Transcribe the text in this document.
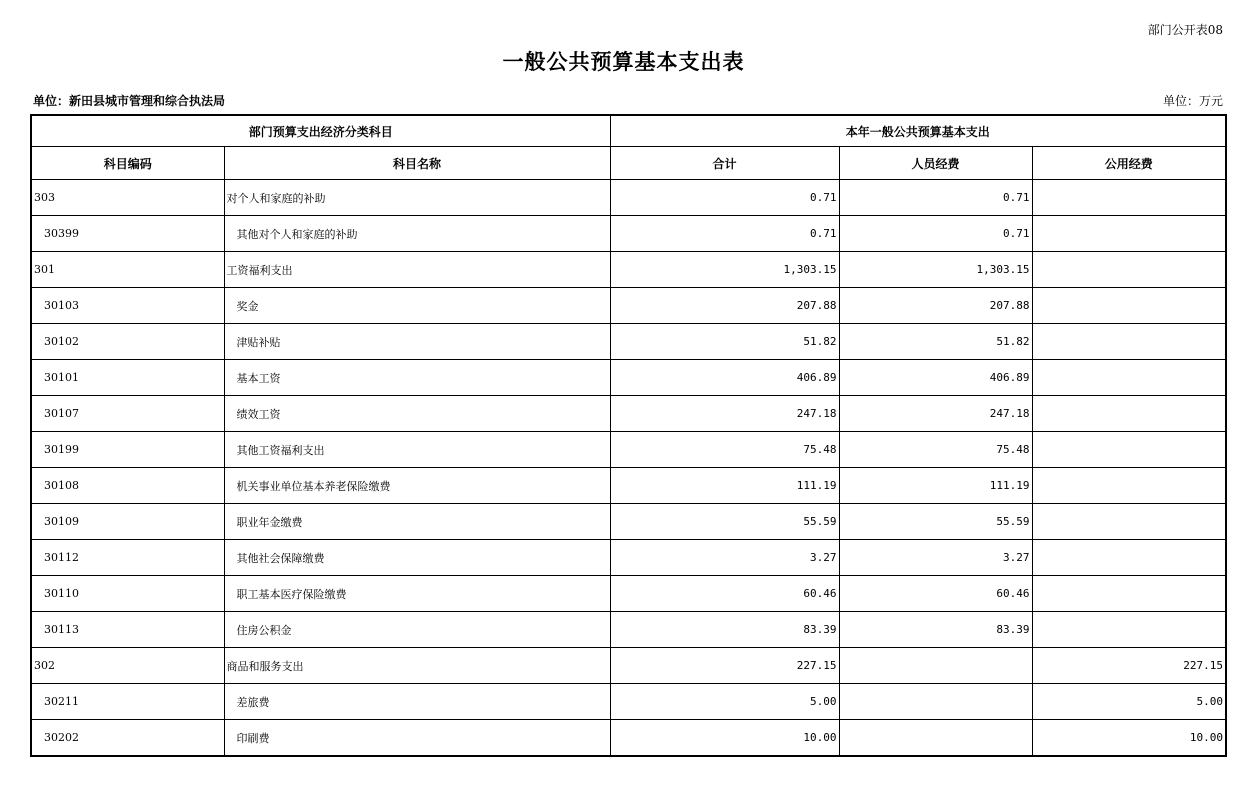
部门公开表08
一般公共预算基本支出表
单位：新田县城市管理和综合执法局	单位：万元
部门预算支出经济分类科目		本年一般公共预算基本支出		
科目编码	科目名称	合计	人员经费	公用经费
303	对个人和家庭的补助	0.71	0.71	
30399	其他对个人和家庭的补助	0.71	0.71	
301	工资福利支出	1,303.15	1,303.15	
30103	奖金	207.88	207.88	
30102	津贴补贴	51.82	51.82	
30101	基本工资	406.89	406.89	
30107	绩效工资	247.18	247.18	
30199	其他工资福利支出	75.48	75.48	
30108	机关事业单位基本养老保险缴费	111.19	111.19	
30109	职业年金缴费	55.59	55.59	
30112	其他社会保障缴费	3.27	3.27	
30110	职工基本医疗保险缴费	60.46	60.46	
30113	住房公积金	83.39	83.39	
302	商品和服务支出	227.15		227.15
30211	差旅费	5.00		5.00
30202	印刷费	10.00		10.00
